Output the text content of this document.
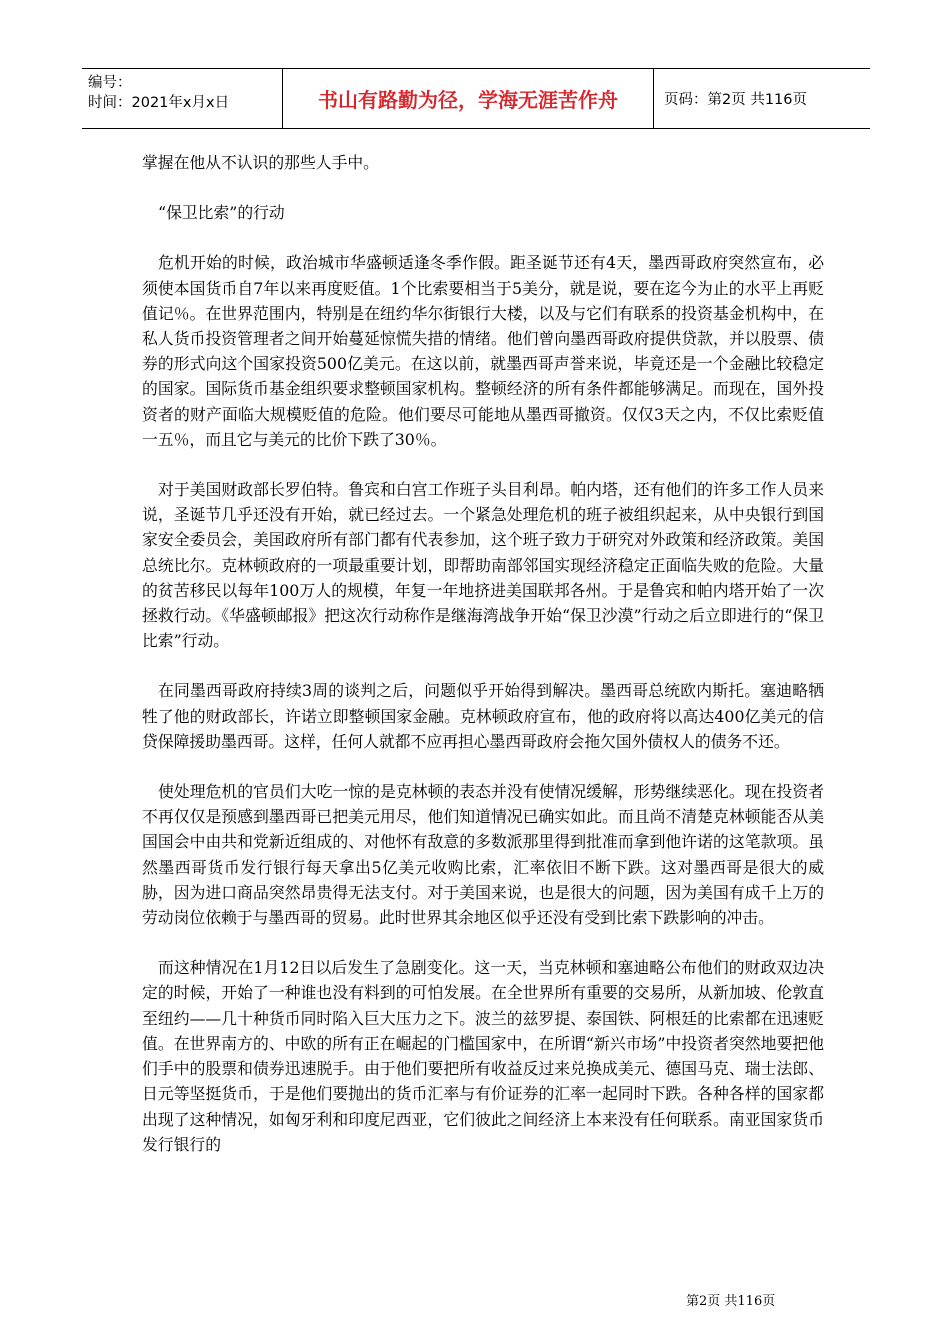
编号：
时间：2021年x月x日	书山有路勤为径，学海无涯苦作舟	页码：第2页 共116页

掌握在他从不认识的那些人手中。

“保卫比索”的行动

危机开始的时候，政治城市华盛顿适逢冬季作假。距圣诞节还有4天，墨西哥政府突然宣布，必须使本国货币自7年以来再度贬值。1个比索要相当于5美分，就是说，要在迄今为止的水平上再贬值记％。在世界范围内，特别是在纽约华尔街银行大楼，以及与它们有联系的投资基金机构中，在私人货币投资管理者之间开始蔓延惊慌失措的情绪。他们曾向墨西哥政府提供贷款，并以股票、债券的形式向这个国家投资500亿美元。在这以前，就墨西哥声誉来说，毕竟还是一个金融比较稳定的国家。国际货币基金组织要求整顿国家机构。整顿经济的所有条件都能够满足。而现在，国外投资者的财产面临大规模贬值的危险。他们要尽可能地从墨西哥撤资。仅仅3天之内，不仅比索贬值一五％，而且它与美元的比价下跌了30％。

对于美国财政部长罗伯特。鲁宾和白宫工作班子头目利昂。帕内塔，还有他们的许多工作人员来说，圣诞节几乎还没有开始，就已经过去。一个紧急处理危机的班子被组织起来，从中央银行到国家安全委员会，美国政府所有部门都有代表参加，这个班子致力于研究对外政策和经济政策。美国总统比尔。克林顿政府的一项最重要计划，即帮助南部邻国实现经济稳定正面临失败的危险。大量的贫苦移民以每年100万人的规模，年复一年地挤进美国联邦各州。于是鲁宾和帕内塔开始了一次拯救行动。《华盛顿邮报》把这次行动称作是继海湾战争开始“保卫沙漠”行动之后立即进行的“保卫比索”行动。

在同墨西哥政府持续3周的谈判之后，问题似乎开始得到解决。墨西哥总统欧内斯托。塞迪略牺牲了他的财政部长，许诺立即整顿国家金融。克林顿政府宣布，他的政府将以高达400亿美元的信贷保障援助墨西哥。这样，任何人就都不应再担心墨西哥政府会拖欠国外债权人的债务不还。

使处理危机的官员们大吃一惊的是克林顿的表态并没有使情况缓解，形势继续恶化。现在投资者不再仅仅是预感到墨西哥已把美元用尽，他们知道情况已确实如此。而且尚不清楚克林顿能否从美国国会中由共和党新近组成的、对他怀有敌意的多数派那里得到批准而拿到他许诺的这笔款项。虽然墨西哥货币发行银行每天拿出5亿美元收购比索，汇率依旧不断下跌。这对墨西哥是很大的威胁，因为进口商品突然昂贵得无法支付。对于美国来说，也是很大的问题，因为美国有成千上万的劳动岗位依赖于与墨西哥的贸易。此时世界其余地区似乎还没有受到比索下跌影响的冲击。

而这种情况在1月12日以后发生了急剧变化。这一天，当克林顿和塞迪略公布他们的财政双边决定的时候，开始了一种谁也没有料到的可怕发展。在全世界所有重要的交易所，从新加坡、伦敦直至纽约——几十种货币同时陷入巨大压力之下。波兰的兹罗提、泰国铁、阿根廷的比索都在迅速贬值。在世界南方的、中欧的所有正在崛起的门槛国家中，在所谓“新兴市场”中投资者突然地要把他们手中的股票和债券迅速脱手。由于他们要把所有收益反过来兑换成美元、德国马克、瑞士法郎、日元等坚挺货币，于是他们要抛出的货币汇率与有价证券的汇率一起同时下跌。各种各样的国家都出现了这种情况，如匈牙利和印度尼西亚，它们彼此之间经济上本来没有任何联系。南亚国家货币发行银行的

第2页 共116页
